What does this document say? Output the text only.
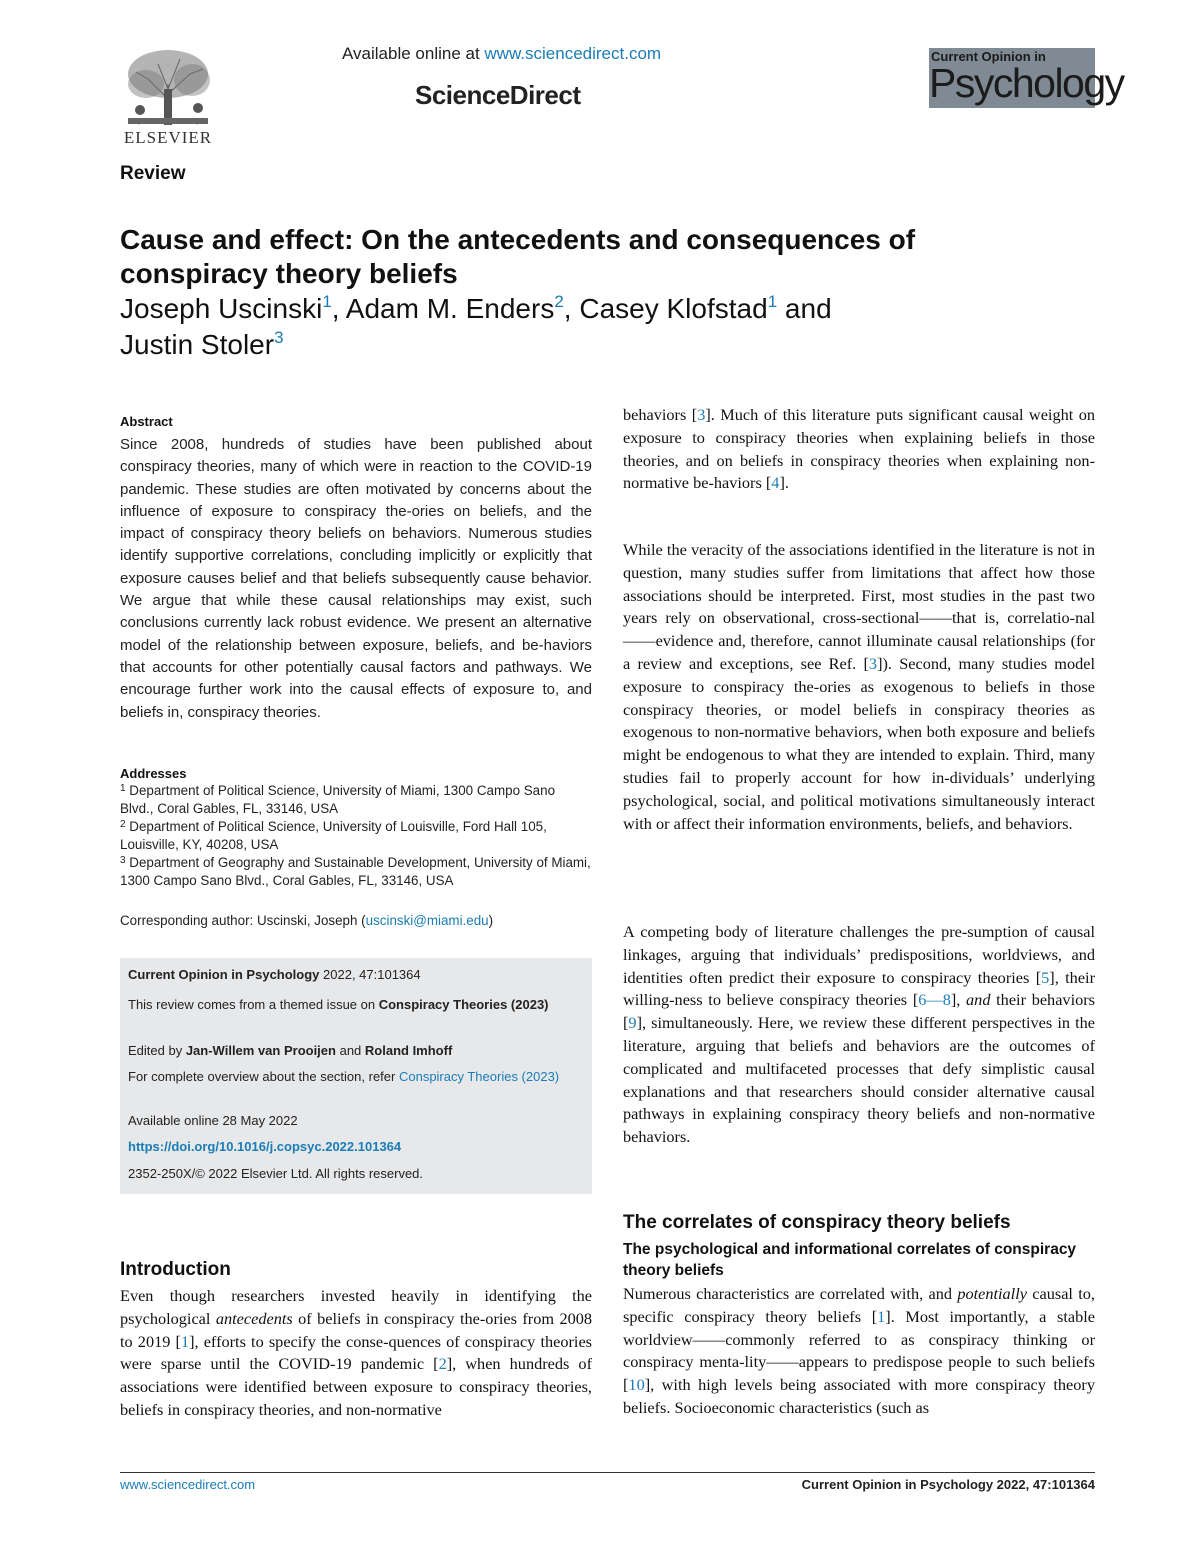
ELSEVIER
Available online at www.sciencedirect.com
ScienceDirect
Current Opinion in
Psychology
Review
Cause and effect: On the antecedents and consequences of conspiracy theory beliefs
Joseph Uscinski$^1$, Adam M. Enders$^2$, Casey Klofstad$^1$ and
Justin Stoler$^3$
Abstract
Since 2008, hundreds of studies have been published about conspiracy theories, many of which were in reaction to the COVID-19 pandemic. These studies are often motivated by concerns about the influence of exposure to conspiracy the-ories on beliefs, and the impact of conspiracy theory beliefs on behaviors. Numerous studies identify supportive correlations, concluding implicitly or explicitly that exposure causes belief and that beliefs subsequently cause behavior. We argue that while these causal relationships may exist, such conclusions currently lack robust evidence. We present an alternative model of the relationship between exposure, beliefs, and be-haviors that accounts for other potentially causal factors and pathways. We encourage further work into the causal effects of exposure to, and beliefs in, conspiracy theories.
Addresses

$^1$ Department of Political Science, University of Miami, 1300 Campo Sano Blvd., Coral Gables, FL, 33146, USA

$^2$ Department of Political Science, University of Louisville, Ford Hall 105, Louisville, KY, 40208, USA

$^3$ Department of Geography and Sustainable Development, University of Miami, 1300 Campo Sano Blvd., Coral Gables, FL, 33146, USA

Corresponding author: Uscinski, Joseph (uscinski@miami.edu)
Current Opinion in Psychology 2022, 47:101364
This review comes from a themed issue on Conspiracy Theories (2023)
Edited by Jan-Willem van Prooijen and Roland Imhoff
For complete overview about the section, refer Conspiracy Theories (2023)
Available online 28 May 2022
https://doi.org/10.1016/j.copsyc.2022.101364
2352-250X/© 2022 Elsevier Ltd. All rights reserved.
Introduction
Even though researchers invested heavily in identifying the psychological antecedents of beliefs in conspiracy the-ories from 2008 to 2019 [1], efforts to specify the conse-quences of conspiracy theories were sparse until the COVID-19 pandemic [2], when hundreds of associations were identified between exposure to conspiracy theories, beliefs in conspiracy theories, and non-normative
behaviors [3]. Much of this literature puts significant causal weight on exposure to conspiracy theories when explaining beliefs in those theories, and on beliefs in conspiracy theories when explaining non-normative be-haviors [4].
While the veracity of the associations identified in the literature is not in question, many studies suffer from limitations that affect how those associations should be interpreted. First, most studies in the past two years rely on observational, cross-sectional——that is, correlatio-nal——evidence and, therefore, cannot illuminate causal relationships (for a review and exceptions, see Ref. [3]). Second, many studies model exposure to conspiracy the-ories as exogenous to beliefs in those conspiracy theories, or model beliefs in conspiracy theories as exogenous to non-normative behaviors, when both exposure and beliefs might be endogenous to what they are intended to explain. Third, many studies fail to properly account for how in-dividuals’ underlying psychological, social, and political motivations simultaneously interact with or affect their information environments, beliefs, and behaviors.
A competing body of literature challenges the pre-sumption of causal linkages, arguing that individuals’ predispositions, worldviews, and identities often predict their exposure to conspiracy theories [5], their willing-ness to believe conspiracy theories [6—8], and their behaviors [9], simultaneously. Here, we review these different perspectives in the literature, arguing that beliefs and behaviors are the outcomes of complicated and multifaceted processes that defy simplistic causal explanations and that researchers should consider alternative causal pathways in explaining conspiracy theory beliefs and non-normative behaviors.
The correlates of conspiracy theory beliefs
The psychological and informational correlates of conspiracy theory beliefs
Numerous characteristics are correlated with, and potentially causal to, specific conspiracy theory beliefs [1]. Most importantly, a stable worldview——commonly referred to as conspiracy thinking or conspiracy menta-lity——appears to predispose people to such beliefs [10], with high levels being associated with more conspiracy theory beliefs. Socioeconomic characteristics (such as
www.sciencedirect.com	Current Opinion in Psychology 2022, 47:101364
